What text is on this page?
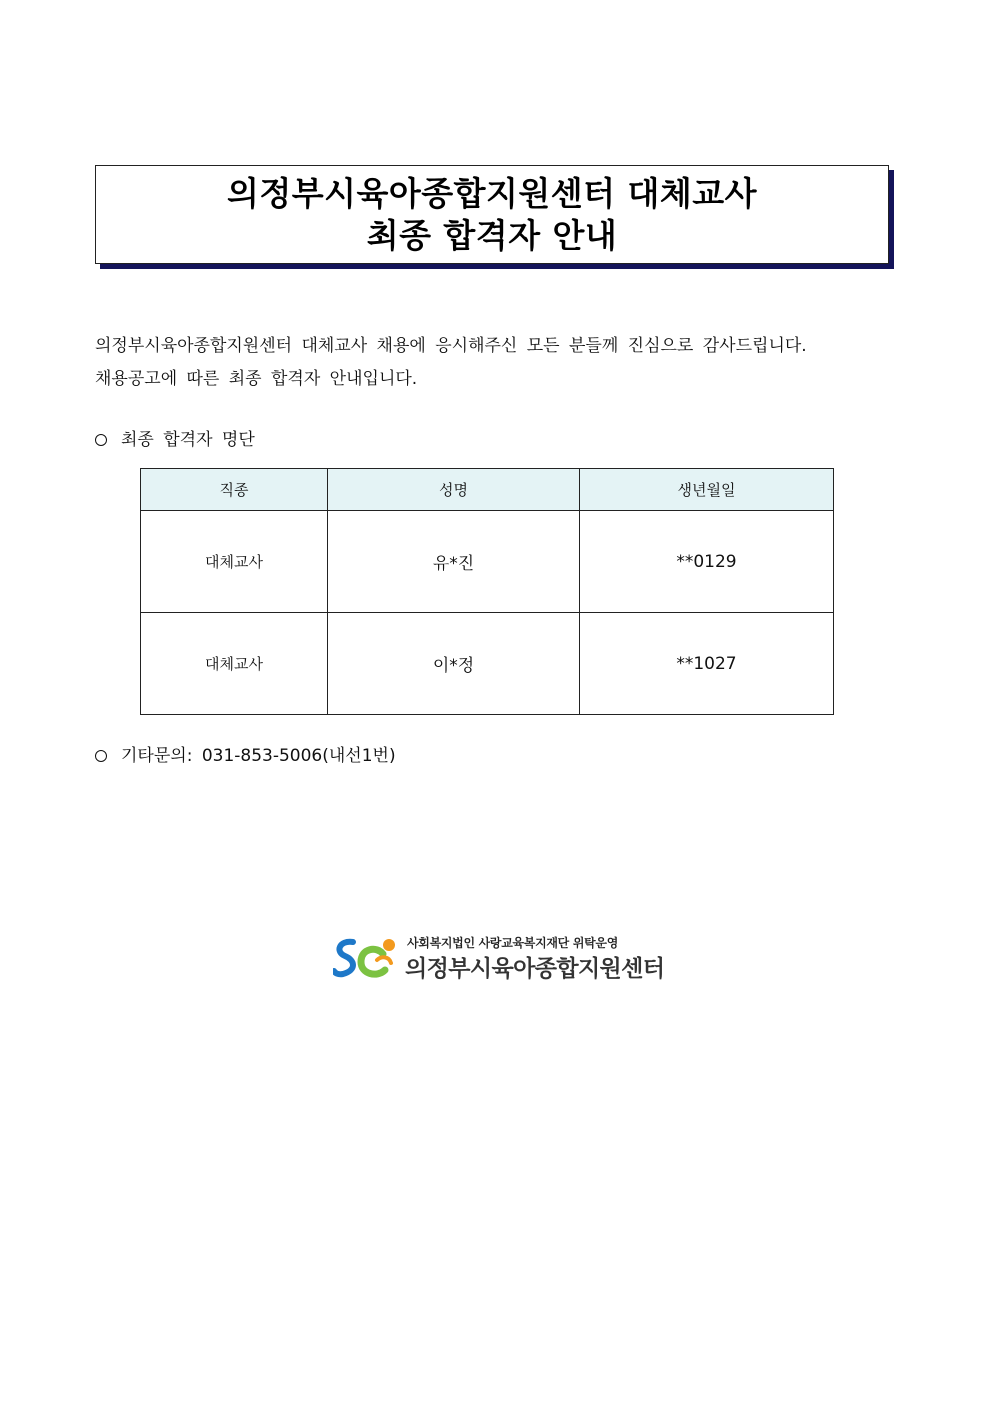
의정부시육아종합지원센터 대체교사
최종 합격자 안내
의정부시육아종합지원센터 대체교사 채용에 응시해주신 모든 분들께 진심으로 감사드립니다.
채용공고에 따른 최종 합격자 안내입니다.
최종 합격자 명단
직종	성명	생년월일
대체교사	유*진	**0129
대체교사	이*정	**1027
기타문의: 031-853-5006(내선1번)
사회복지법인 사랑교육복지재단 위탁운영
의정부시육아종합지원센터
